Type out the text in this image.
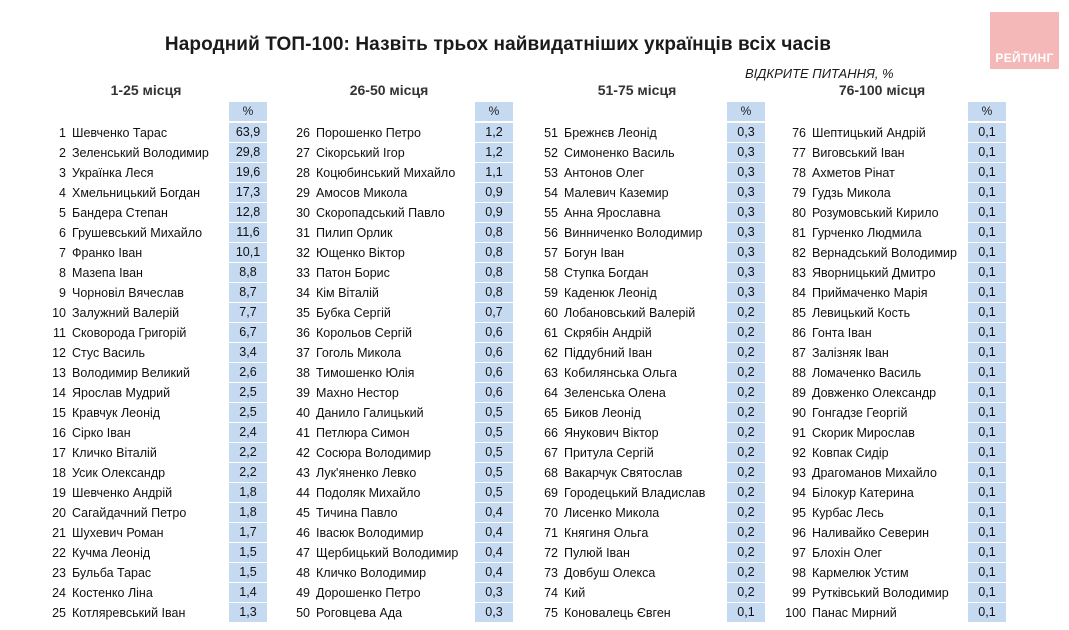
Народний ТОП-100: Назвіть трьох найвидатніших українців всіх часів
ВІДКРИТЕ ПИТАННЯ, %
РЕЙТИНГ
1-25 місця
%
1 Шевченко Тарас	63,9
2 Зеленський Володимир	29,8
3 Українка Леся	19,6
4 Хмельницький Богдан	17,3
5 Бандера Степан	12,8
6 Грушевський Михайло	11,6
7 Франко Іван	10,1
8 Мазепа Іван	8,8
9 Чорновіл Вячеслав	8,7
10 Залужний Валерій	7,7
11 Сковорода Григорій	6,7
12 Стус Василь	3,4
13 Володимир Великий	2,6
14 Ярослав Мудрий	2,5
15 Кравчук Леонід	2,5
16 Сірко Іван	2,4
17 Кличко Віталій	2,2
18 Усик Олександр	2,2
19 Шевченко Андрій	1,8
20 Сагайдачний Петро	1,8
21 Шухевич Роман	1,7
22 Кучма Леонід	1,5
23 Бульба Тарас	1,5
24 Костенко Ліна	1,4
25 Котляревський Іван	1,3
26-50 місця
%
26 Порошенко Петро	1,2
27 Сікорський Ігор	1,2
28 Коцюбинський Михайло	1,1
29 Амосов Микола	0,9
30 Скоропадський Павло	0,9
31 Пилип Орлик	0,8
32 Ющенко Віктор	0,8
33 Патон Борис	0,8
34 Кім Віталій	0,8
35 Бубка Сергій	0,7
36 Корольов Сергій	0,6
37 Гоголь Микола	0,6
38 Тимошенко Юлія	0,6
39 Махно Нестор	0,6
40 Данило Галицький	0,5
41 Петлюра Симон	0,5
42 Сосюра Володимир	0,5
43 Лук'яненко Левко	0,5
44 Подоляк Михайло	0,5
45 Тичина Павло	0,4
46 Івасюк Володимир	0,4
47 Щербицький Володимир	0,4
48 Кличко Володимир	0,4
49 Дорошенко Петро	0,3
50 Роговцева Ада	0,3
51-75 місця
%
51 Брежнєв Леонід	0,3
52 Симоненко Василь	0,3
53 Антонов Олег	0,3
54 Малевич Каземир	0,3
55 Анна Ярославна	0,3
56 Винниченко Володимир	0,3
57 Богун Іван	0,3
58 Ступка Богдан	0,3
59 Каденюк Леонід	0,3
60 Лобановський Валерій	0,2
61 Скрябін Андрій	0,2
62 Піддубний Іван	0,2
63 Кобилянська Ольга	0,2
64 Зеленська Олена	0,2
65 Биков Леонід	0,2
66 Янукович Віктор	0,2
67 Притула Сергій	0,2
68 Вакарчук Святослав	0,2
69 Городецький Владислав	0,2
70 Лисенко Микола	0,2
71 Княгиня Ольга	0,2
72 Пулюй Іван	0,2
73 Довбуш Олекса	0,2
74 Кий	0,2
75 Коновалець Євген	0,1
76-100 місця
%
76 Шептицький Андрій	0,1
77 Виговський Іван	0,1
78 Ахметов Рінат	0,1
79 Гудзь Микола	0,1
80 Розумовський Кирило	0,1
81 Гурченко Людмила	0,1
82 Вернадський Володимир	0,1
83 Яворницький Дмитро	0,1
84 Приймаченко Марія	0,1
85 Левицький Кость	0,1
86 Гонта Іван	0,1
87 Залізняк Іван	0,1
88 Ломаченко Василь	0,1
89 Довженко Олександр	0,1
90 Гонгадзе Георгій	0,1
91 Скорик Мирослав	0,1
92 Ковпак Сидір	0,1
93 Драгоманов Михайло	0,1
94 Білокур Катерина	0,1
95 Курбас Лесь	0,1
96 Наливайко Северин	0,1
97 Блохін Олег	0,1
98 Кармелюк Устим	0,1
99 Рутківський Володимир	0,1
100 Панас Мирний	0,1
